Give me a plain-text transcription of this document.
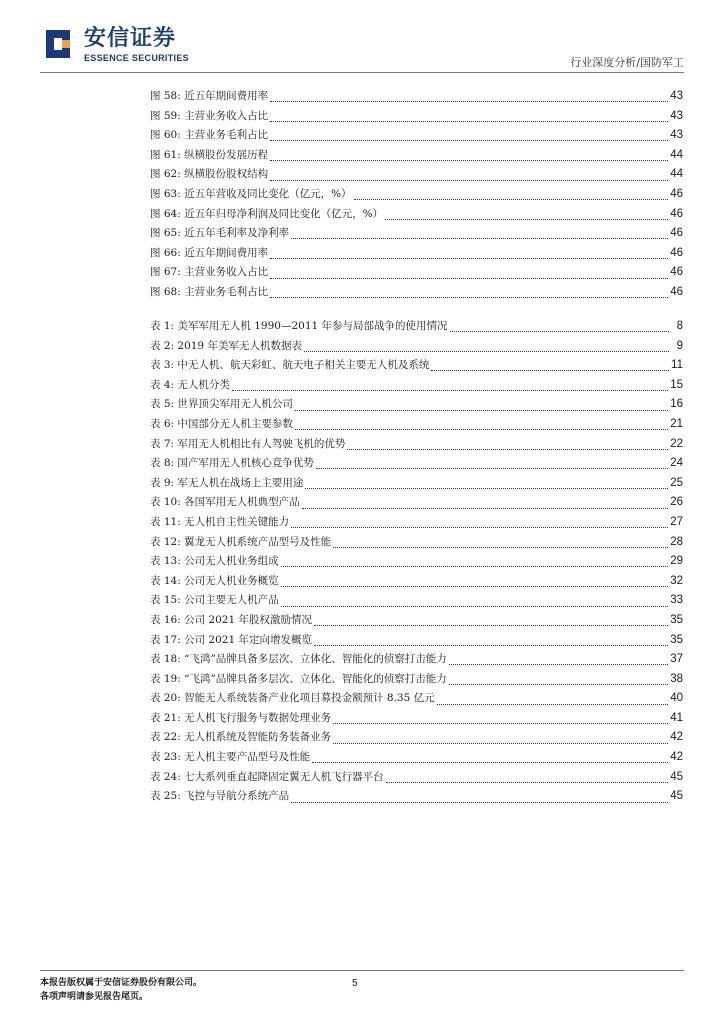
安信证券
ESSENCE SECURITIES	行业深度分析/国防军工
图 58: 近五年期间费用率	43
图 59: 主营业务收入占比	43
图 60: 主营业务毛利占比	43
图 61: 纵横股份发展历程	44
图 62: 纵横股份股权结构	44
图 63: 近五年营收及同比变化（亿元，%）	46
图 64: 近五年归母净利润及同比变化（亿元，%）	46
图 65: 近五年毛利率及净利率	46
图 66: 近五年期间费用率	46
图 67: 主营业务收入占比	46
图 68: 主营业务毛利占比	46
表 1: 美军军用无人机 1990—2011 年参与局部战争的使用情况	8
表 2: 2019 年美军无人机数据表	9
表 3: 中无人机、航天彩虹、航天电子相关主要无人机及系统	11
表 4: 无人机分类	15
表 5: 世界顶尖军用无人机公司	16
表 6: 中国部分无人机主要参数	21
表 7: 军用无人机相比有人驾驶飞机的优势	22
表 8: 国产军用无人机核心竞争优势	24
表 9: 军无人机在战场上主要用途	25
表 10: 各国军用无人机典型产品	26
表 11: 无人机自主性关键能力	27
表 12: 翼龙无人机系统产品型号及性能	28
表 13: 公司无人机业务组成	29
表 14: 公司无人机业务概览	32
表 15: 公司主要无人机产品	33
表 16: 公司 2021 年股权激励情况	35
表 17: 公司 2021 年定向增发概览	35
表 18: “飞鸿”品牌具备多层次、立体化、智能化的侦察打击能力	37
表 19: “飞鸿”品牌具备多层次、立体化、智能化的侦察打击能力	38
表 20: 智能无人系统装备产业化项目募投金额预计 8.35 亿元	40
表 21: 无人机飞行服务与数据处理业务	41
表 22: 无人机系统及智能防务装备业务	42
表 23: 无人机主要产品型号及性能	42
表 24: 七大系列垂直起降固定翼无人机飞行器平台	45
表 25: 飞控与导航分系统产品	45
本报告版权属于安信证券股份有限公司。
各项声明请参见报告尾页。
5
